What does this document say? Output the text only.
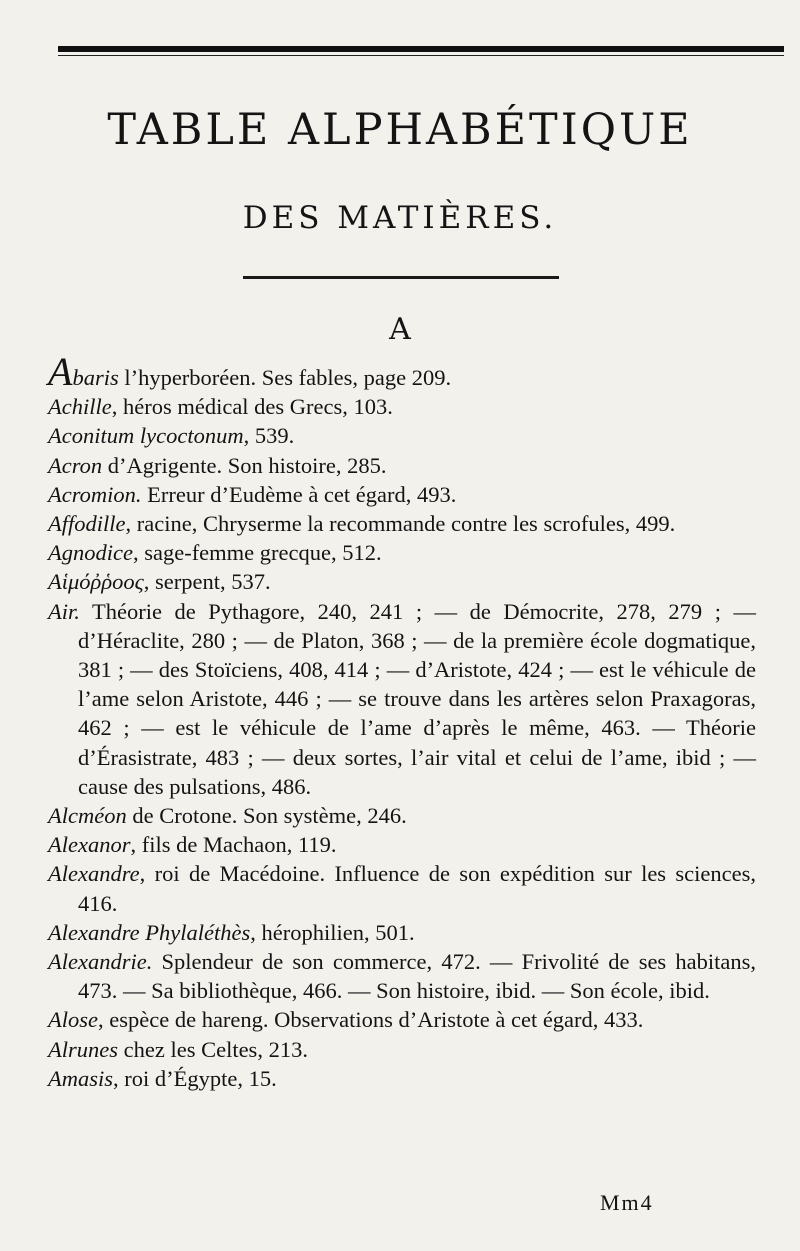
TABLE ALPHABÉTIQUE
DES MATIÈRES.
A

Abaris l’hyperboréen. Ses fables, page 209.

Achille, héros médical des Grecs, 103.

Aconitum lycoctonum, 539.

Acron d’Agrigente. Son histoire, 285.

Acromion. Erreur d’Eudème à cet égard, 493.

Affodille, racine, Chryserme la recommande contre les scrofules, 499.

Agnodice, sage-femme grecque, 512.

Αἱμόῤῥοος, serpent, 537.

Air. Théorie de Pythagore, 240, 241 ; — de Démocrite, 278, 279 ; — d’Héraclite, 280 ; — de Platon, 368 ; — de la première école dogmatique, 381 ; — des Stoïciens, 408, 414 ; — d’Aristote, 424 ; — est le véhicule de l’ame selon Aristote, 446 ; — se trouve dans les artères selon Praxagoras, 462 ; — est le véhicule de l’ame d’après le même, 463. — Théorie d’Érasistrate, 483 ; — deux sortes, l’air vital et celui de l’ame, ibid ; — cause des pulsations, 486.

Alcméon de Crotone. Son système, 246.

Alexanor, fils de Machaon, 119.

Alexandre, roi de Macédoine. Influence de son expédition sur les sciences, 416.

Alexandre Phylaléthès, hérophilien, 501.

Alexandrie. Splendeur de son commerce, 472. — Frivolité de ses habitans, 473. — Sa bibliothèque, 466. — Son histoire, ibid. — Son école, ibid.

Alose, espèce de hareng. Observations d’Aristote à cet égard, 433.

Alrunes chez les Celtes, 213.

Amasis, roi d’Égypte, 15.

Mm4
